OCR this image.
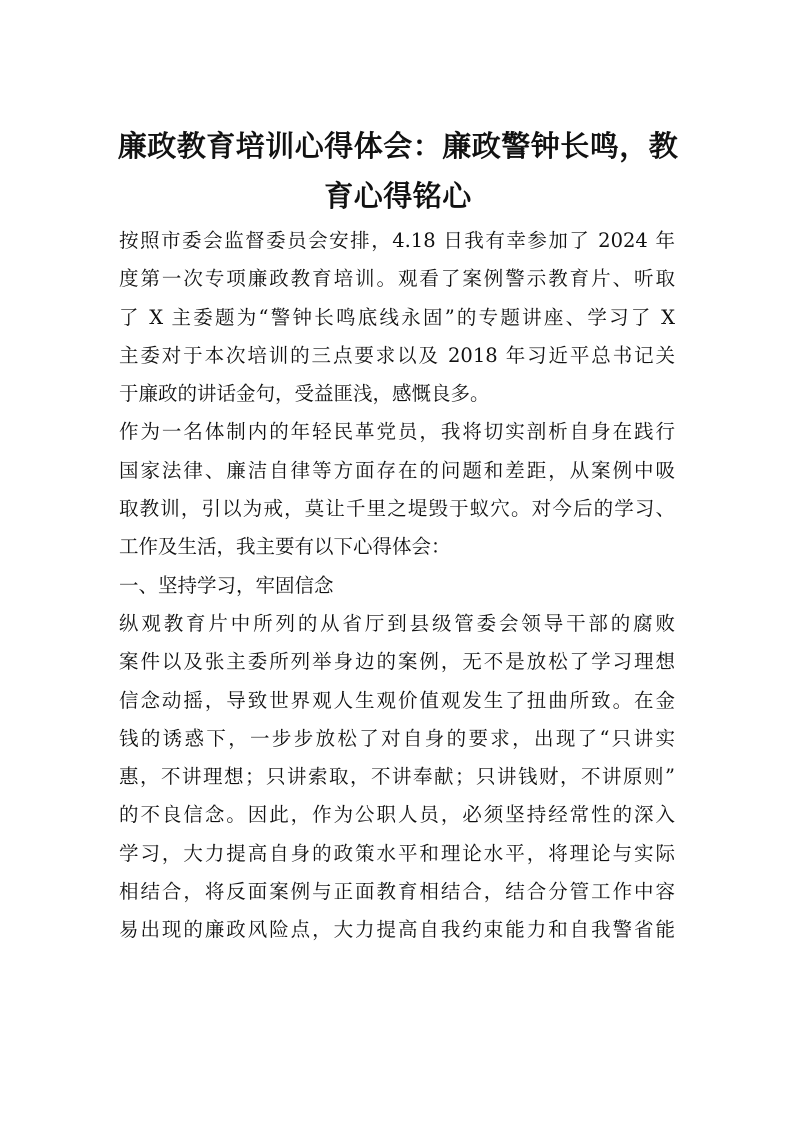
廉政教育培训心得体会：廉政警钟长鸣，教
育心得铭心
按照市委会监督委员会安排，4.18 日我有幸参加了 2024 年
度第一次专项廉政教育培训。观看了案例警示教育片、听取
了 X 主委题为“警钟长鸣底线永固”的专题讲座、学习了 X
主委对于本次培训的三点要求以及 2018 年习近平总书记关
于廉政的讲话金句，受益匪浅，感慨良多。
作为一名体制内的年轻民革党员，我将切实剖析自身在践行
国家法律、廉洁自律等方面存在的问题和差距，从案例中吸
取教训，引以为戒，莫让千里之堤毁于蚁穴。对今后的学习、
工作及生活，我主要有以下心得体会：
一、坚持学习，牢固信念
纵观教育片中所列的从省厅到县级管委会领导干部的腐败
案件以及张主委所列举身边的案例，无不是放松了学习理想
信念动摇，导致世界观人生观价值观发生了扭曲所致。在金
钱的诱惑下，一步步放松了对自身的要求，出现了“只讲实
惠，不讲理想；只讲索取，不讲奉献；只讲钱财，不讲原则”
的不良信念。因此，作为公职人员，必须坚持经常性的深入
学习，大力提高自身的政策水平和理论水平，将理论与实际
相结合，将反面案例与正面教育相结合，结合分管工作中容
易出现的廉政风险点，大力提高自我约束能力和自我警省能
